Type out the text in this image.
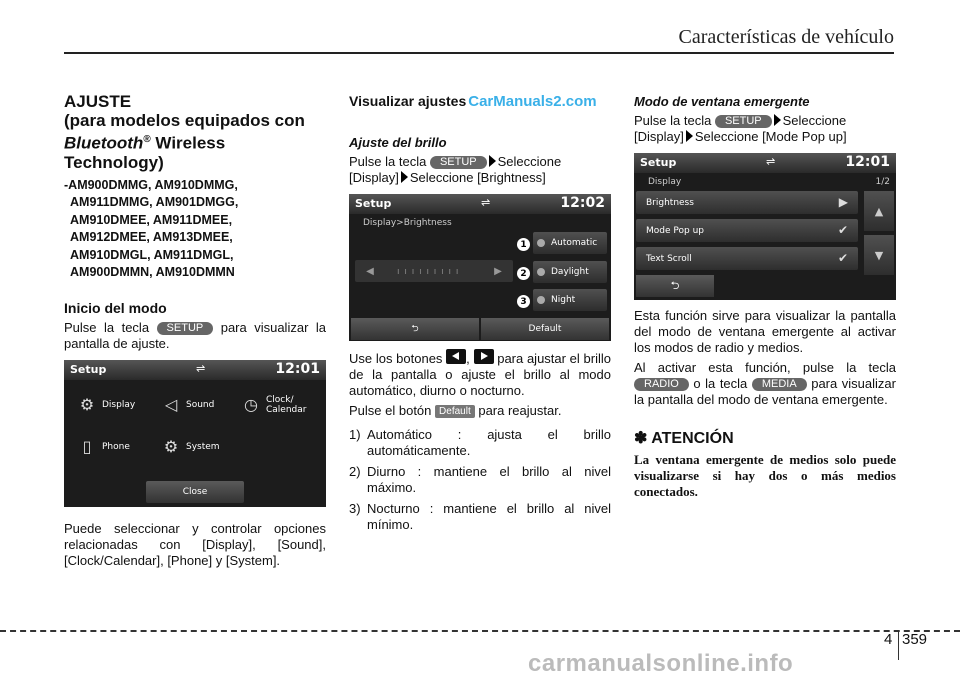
Características de vehículo
AJUSTE
(para modelos equipados con
Bluetooth® Wireless
Technology)
-AM900DMMG, AM910DMMG,
AM911DMMG, AM901DMGG,
AM910DMEE, AM911DMEE,
AM912DMEE, AM913DMEE,
AM910DMGL, AM911DMGL,
AM900DMMN, AM910DMMN
Inicio del modo
Pulse la tecla SETUP para visualizar la pantalla de ajuste.
Setup	⇌	12:01
⚙ Display	◁ Sound ◷ Clock/
Calendar
▯	Phone ⚙ System
Close
Puede seleccionar y controlar opciones relacionadas con [Display], [Sound], [Clock/Calendar], [Phone] y [System].
Visualizar ajustes CarManuals2.com
Ajuste del brillo
Pulse la tecla SETUP Seleccione
[Display] Seleccione [Brightness]
Setup	⇌	12:02
Display>Brightness
◀	ı ı ı ı ı ı ı ı ı	▶
1	Automatic
2	Daylight
3	Night
⮌	Default
Use los botones , para ajustar el brillo de la pantalla o ajuste el brillo al modo automático, diurno o nocturno.
Pulse el botón Default para reajustar.
1) Automático : ajusta el brillo automáticamente.
2) Diurno : mantiene el brillo al nivel máximo.
3) Nocturno : mantiene el brillo al nivel mínimo.
Modo de ventana emergente
Pulse la tecla SETUP Seleccione
[Display] Seleccione [Mode Pop up]
Setup	⇌	12:01
Display	1/2
Brightness	▶
Mode Pop up	✔
Text Scroll	✔
▲
▼
⮌
Esta función sirve para visualizar la pantalla del modo de ventana emergente al activar los modos de radio y medios.
Al activar esta función, pulse la tecla RADIO o la tecla MEDIA para visualizar la pantalla del modo de ventana emergente.
✽ ATENCIÓN
La ventana emergente de medios solo puede visualizarse si hay dos o más medios conectados.
4 359
carmanualsonline.info
